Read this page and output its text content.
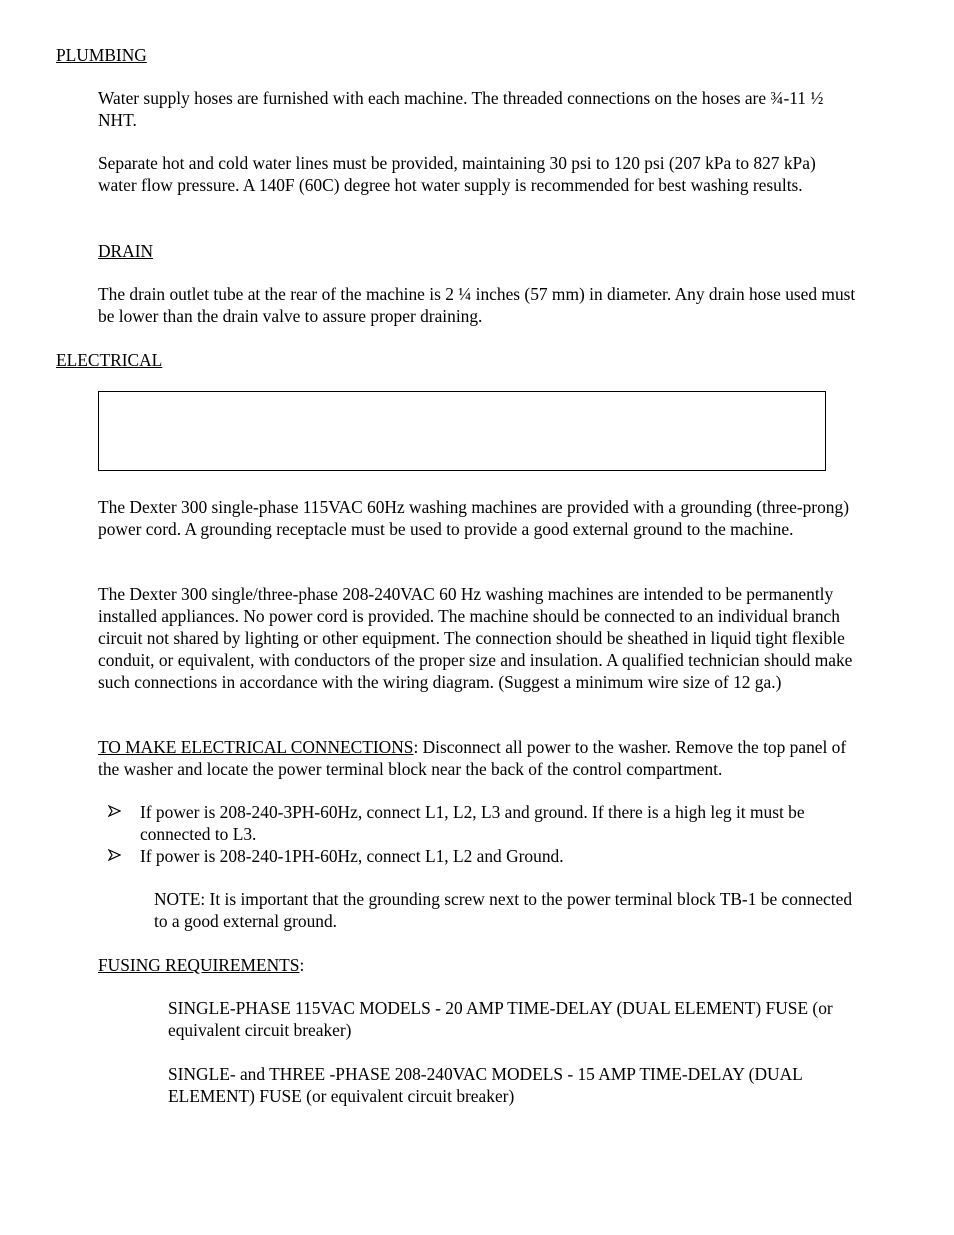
PLUMBING

Water supply hoses are furnished with each machine. The threaded connections on the hoses are ¾-11 ½ NHT.

Separate hot and cold water lines must be provided, maintaining 30 psi to 120 psi (207 kPa to 827 kPa) water flow pressure. A 140F (60C) degree hot water supply is recommended for best washing results.

DRAIN

The drain outlet tube at the rear of the machine is 2 ¼ inches (57 mm) in diameter. Any drain hose used must be lower than the drain valve to assure proper draining.

ELECTRICAL

The Dexter 300 single-phase 115VAC 60Hz washing machines are provided with a grounding (three-prong) power cord. A grounding receptacle must be used to provide a good external ground to the machine.

The Dexter 300 single/three-phase 208-240VAC 60 Hz washing machines are intended to be permanently installed appliances. No power cord is provided. The machine should be connected to an individual branch circuit not shared by lighting or other equipment. The connection should be sheathed in liquid tight flexible conduit, or equivalent, with conductors of the proper size and insulation. A qualified technician should make such connections in accordance with the wiring diagram. (Suggest a minimum wire size of 12 ga.)

TO MAKE ELECTRICAL CONNECTIONS: Disconnect all power to the washer. Remove the top panel of the washer and locate the power terminal block near the back of the control compartment.

If power is 208-240-3PH-60Hz, connect L1, L2, L3 and ground. If there is a high leg it must be connected to L3.
If power is 208-240-1PH-60Hz, connect L1, L2 and Ground.

NOTE: It is important that the grounding screw next to the power terminal block TB-1 be connected to a good external ground.

FUSING REQUIREMENTS:

SINGLE-PHASE 115VAC MODELS - 20 AMP TIME-DELAY (DUAL ELEMENT) FUSE (or equivalent circuit breaker)

SINGLE- and THREE -PHASE 208-240VAC MODELS - 15 AMP TIME-DELAY (DUAL ELEMENT) FUSE (or equivalent circuit breaker)
